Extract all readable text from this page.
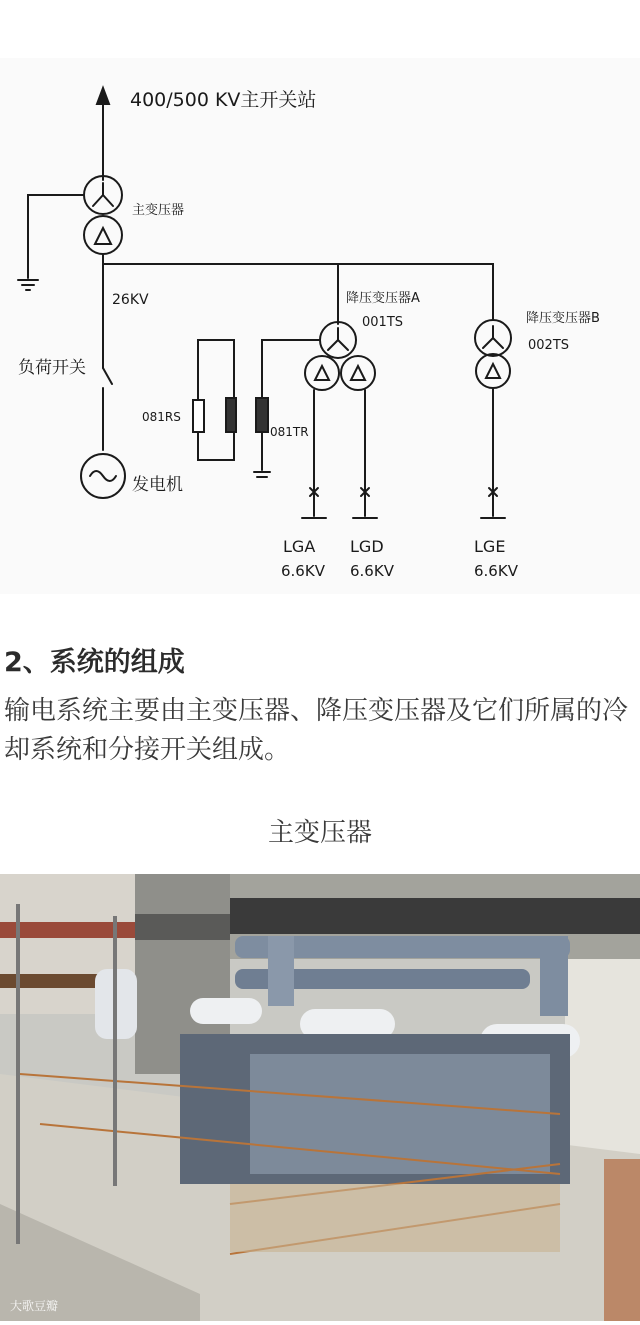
400/500 KV主开关站
主变压器
26KV
负荷开关
发电机
降压变压器A
001TS	降压变压器B
002TS
081RS
081TR
LGA
6.6KV
LGD
6.6KV
LGE
6.6KV
2、系统的组成

输电系统主要由主变压器、降压变压器及它们所属的冷却系统和分接开关组成。

主变压器
大歌豆瓣
